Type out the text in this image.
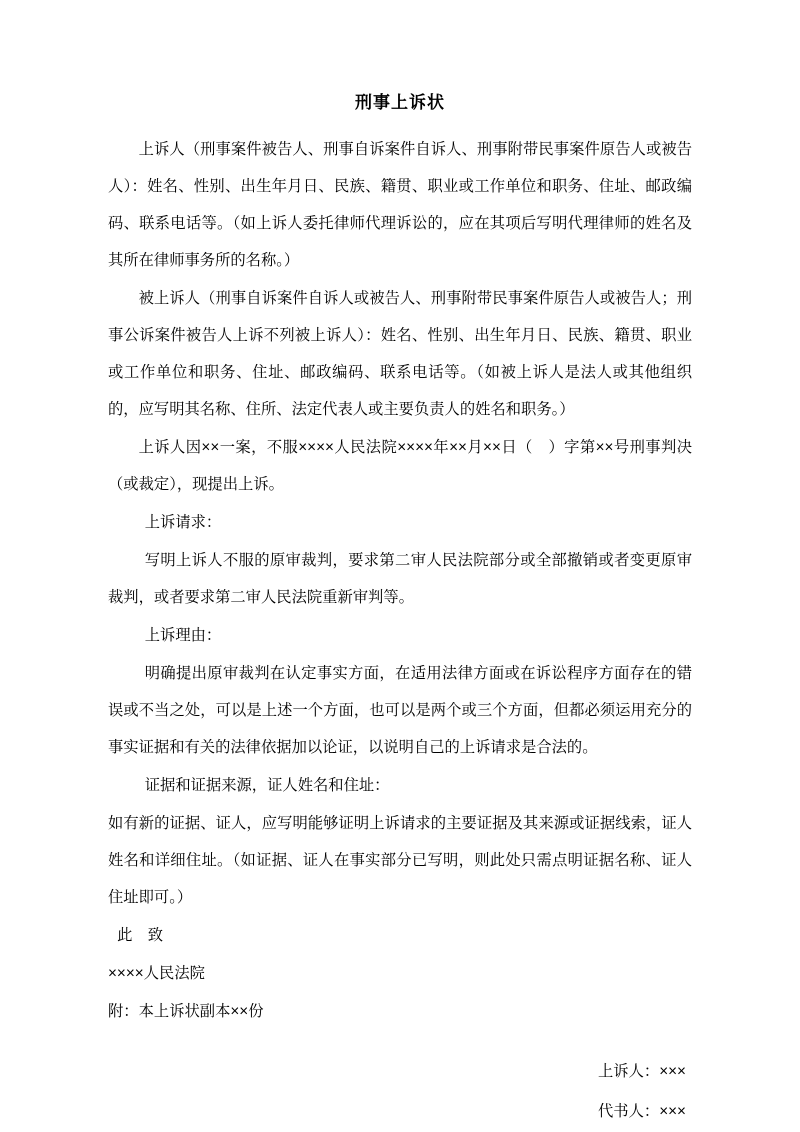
刑事上诉状

上诉人（刑事案件被告人、刑事自诉案件自诉人、刑事附带民事案件原告人或被告人）：姓名、性别、出生年月日、民族、籍贯、职业或工作单位和职务、住址、邮政编码、联系电话等。（如上诉人委托律师代理诉讼的，应在其项后写明代理律师的姓名及其所在律师事务所的名称。）

被上诉人（刑事自诉案件自诉人或被告人、刑事附带民事案件原告人或被告人；刑事公诉案件被告人上诉不列被上诉人）：姓名、性别、出生年月日、民族、籍贯、职业或工作单位和职务、住址、邮政编码、联系电话等。（如被上诉人是法人或其他组织的，应写明其名称、住所、法定代表人或主要负责人的姓名和职务。）

上诉人因××一案，不服××××人民法院××××年××月××日（　）字第××号刑事判决（或裁定），现提出上诉。

上诉请求：

写明上诉人不服的原审裁判，要求第二审人民法院部分或全部撤销或者变更原审裁判，或者要求第二审人民法院重新审判等。

上诉理由：

明确提出原审裁判在认定事实方面，在适用法律方面或在诉讼程序方面存在的错误或不当之处，可以是上述一个方面，也可以是两个或三个方面，但都必须运用充分的事实证据和有关的法律依据加以论证，以说明自己的上诉请求是合法的。

证据和证据来源，证人姓名和住址：

如有新的证据、证人，应写明能够证明上诉请求的主要证据及其来源或证据线索，证人姓名和详细住址。（如证据、证人在事实部分已写明，则此处只需点明证据名称、证人住址即可。）

此　致

××××人民法院

附：本上诉状副本××份

上诉人：×××
代书人：×××
